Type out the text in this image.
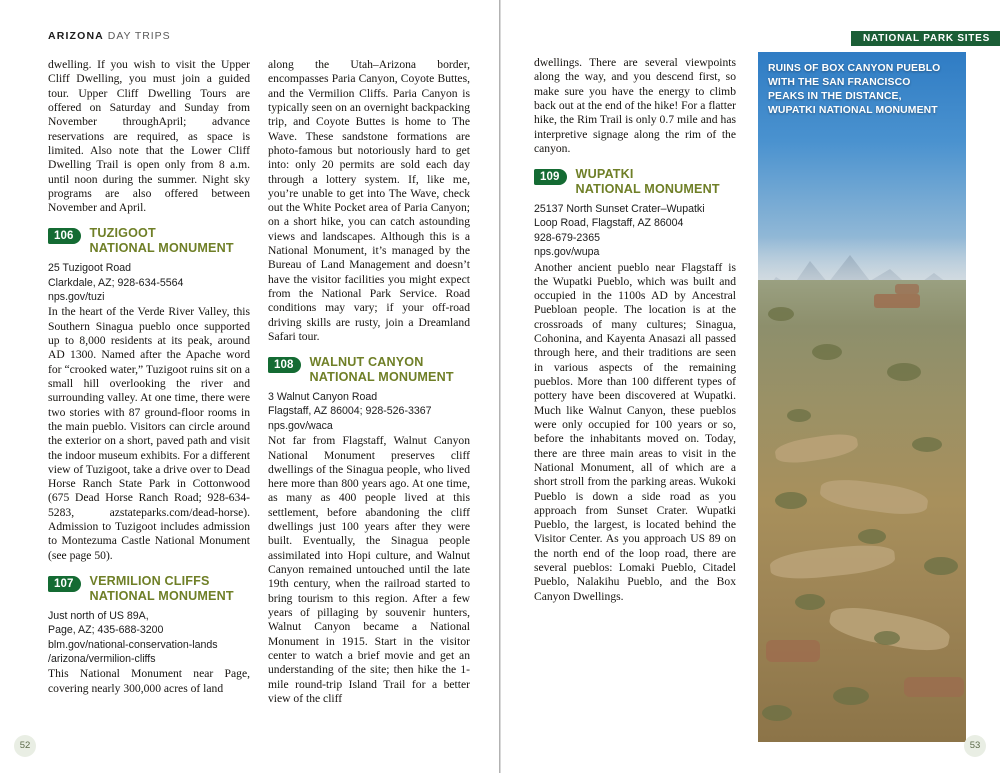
ARIZONA DAY TRIPS

dwelling. If you wish to visit the Upper Cliff Dwelling, you must join a guided tour. Upper Cliff Dwelling Tours are offered on Saturday and Sunday from November throughApril; advance reservations are required, as space is limited. Also note that the Lower Cliff Dwelling Trail is open only from 8 a.m. until noon during the summer. Night sky programs are also offered between November and April.

106	TUZIGOOT
NATIONAL MONUMENT
25 Tuzigoot Road
Clarkdale, AZ; 928-634-5564
nps.gov/tuzi

In the heart of the Verde River Valley, this Southern Sinagua pueblo once supported up to 8,000 residents at its peak, around AD 1300. Named after the Apache word for “crooked water,” Tuzigoot ruins sit on a small hill overlooking the river and surrounding valley. At one time, there were two stories with 87 ground-floor rooms in the main pueblo. Visitors can circle around the exterior on a short, paved path and visit the indoor museum exhibits. For a different view of Tuzigoot, take a drive over to Dead Horse Ranch State Park in Cottonwood (675 Dead Horse Ranch Road; 928-634-5283, azstateparks.com/dead-horse). Admission to Tuzigoot includes admission to Montezuma Castle National Monument (see page 50).

107	VERMILION CLIFFS
NATIONAL MONUMENT
Just north of US 89A,
Page, AZ; 435-688-3200
blm.gov/national-conservation-lands
/arizona/vermilion-cliffs

This National Monument near Page, covering nearly 300,000 acres of land

along the Utah–Arizona border, encompasses Paria Canyon, Coyote Buttes, and the Vermilion Cliffs. Paria Canyon is typically seen on an overnight backpacking trip, and Coyote Buttes is home to The Wave. These sandstone formations are photo-famous but notoriously hard to get into: only 20 permits are sold each day through a lottery system. If, like me, you’re unable to get into The Wave, check out the White Pocket area of Paria Canyon; on a short hike, you can catch astounding views and landscapes. Although this is a National Monument, it’s managed by the Bureau of Land Management and doesn’t have the visitor facilities you might expect from the National Park Service. Road conditions may vary; if your off-road driving skills are rusty, join a Dreamland Safari tour.

108	WALNUT CANYON
NATIONAL MONUMENT
3 Walnut Canyon Road
Flagstaff, AZ 86004; 928-526-3367
nps.gov/waca

Not far from Flagstaff, Walnut Canyon National Monument preserves cliff dwellings of the Sinagua people, who lived here more than 800 years ago. At one time, as many as 400 people lived at this settlement, before abandoning the cliff dwellings just 100 years after they were built. Eventually, the Sinagua people assimilated into Hopi culture, and Walnut Canyon remained untouched until the late 19th century, when the railroad started to bring tourism to this region. After a few years of pillaging by souvenir hunters, Walnut Canyon became a National Monument in 1915. Start in the visitor center to watch a brief movie and get an understanding of the site; then hike the 1-mile round-trip Island Trail for a better view of the cliff

52
NATIONAL PARK SITES

dwellings. There are several viewpoints along the way, and you descend first, so make sure you have the energy to climb back out at the end of the hike! For a flatter hike, the Rim Trail is only 0.7 mile and has interpretive signage along the rim of the canyon.

109	WUPATKI
NATIONAL MONUMENT
25137 North Sunset Crater–Wupatki
Loop Road, Flagstaff, AZ 86004
928-679-2365
nps.gov/wupa

Another ancient pueblo near Flagstaff is the Wupatki Pueblo, which was built and occupied in the 1100s AD by Ancestral Puebloan people. The location is at the crossroads of many cultures; Sinagua, Cohonina, and Kayenta Anasazi all passed through here, and their traditions are seen in various aspects of the remaining pueblos. More than 100 different types of pottery have been discovered at Wupatki. Much like Walnut Canyon, these pueblos were only occupied for 100 years or so, before the inhabitants moved on. Today, there are three main areas to visit in the National Monument, all of which are a short stroll from the parking areas. Wukoki Pueblo is down a side road as you approach from Sunset Crater. Wupatki Pueblo, the largest, is located behind the Visitor Center. As you approach US 89 on the north end of the loop road, there are several pueblos: Lomaki Pueblo, Citadel Pueblo, Nalakihu Pueblo, and the Box Canyon Dwellings.

RUINS OF BOX CANYON PUEBLO WITH THE SAN FRANCISCO PEAKS IN THE DISTANCE, WUPATKI NATIONAL MONUMENT
53
